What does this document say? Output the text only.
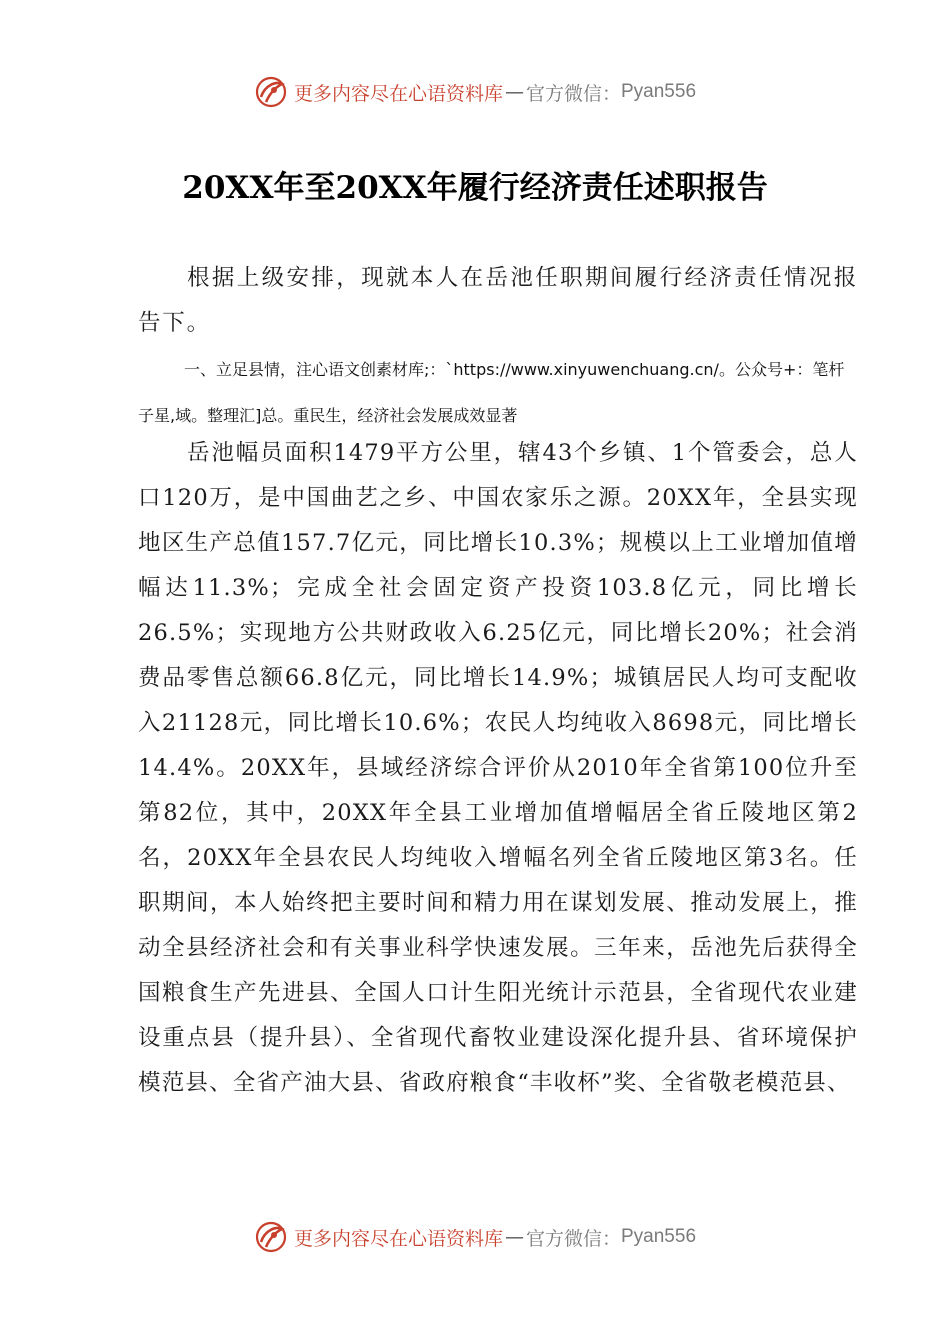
更多内容尽在心语资料库 — 官方微信： Pyan556
20XX年至20XX年履行经济责任述职报告

根据上级安排，现就本人在岳池任职期间履行经济责任情况报告下。

一、立足县情，注心语文创素材库;：`https://www.xinyuwenchuang.cn/。公众号+：笔杆子星,域。整理汇]总。重民生，经济社会发展成效显著

岳池幅员面积1479平方公里，辖43个乡镇、1个管委会，总人口120万，是中国曲艺之乡、中国农家乐之源。20XX年，全县实现地区生产总值157.7亿元，同比增长10.3%；规模以上工业增加值增幅达11.3%；完成全社会固定资产投资103.8亿元，同比增长26.5%；实现地方公共财政收入6.25亿元，同比增长20%；社会消费品零售总额66.8亿元，同比增长14.9%；城镇居民人均可支配收入21128元，同比增长10.6%；农民人均纯收入8698元，同比增长14.4%。20XX年，县域经济综合评价从2010年全省第100位升至第82位，其中，20XX年全县工业增加值增幅居全省丘陵地区第2名，20XX年全县农民人均纯收入增幅名列全省丘陵地区第3名。任职期间，本人始终把主要时间和精力用在谋划发展、推动发展上，推动全县经济社会和有关事业科学快速发展。三年来，岳池先后获得全国粮食生产先进县、全国人口计生阳光统计示范县，全省现代农业建设重点县（提升县）、全省现代畜牧业建设深化提升县、省环境保护模范县、全省产油大县、省政府粮食“丰收杯”奖、全省敬老模范县、

更多内容尽在心语资料库 — 官方微信： Pyan556
